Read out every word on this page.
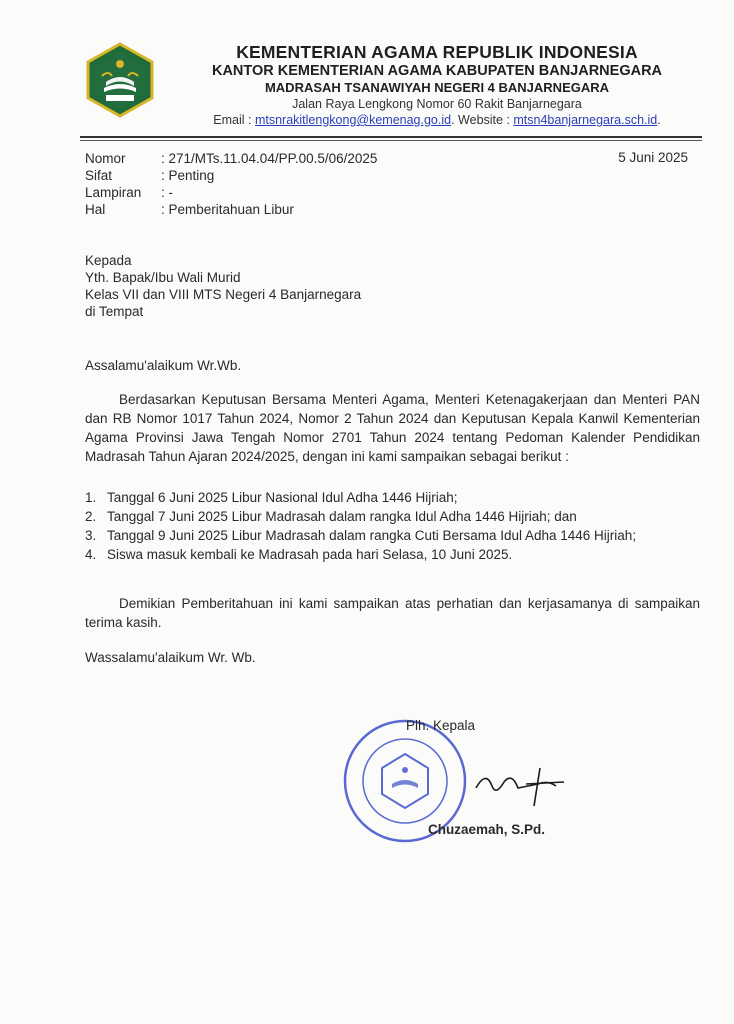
KEMENTERIAN AGAMA REPUBLIK INDONESIA
KANTOR KEMENTERIAN AGAMA KABUPATEN BANJARNEGARA
MADRASAH TSANAWIYAH NEGERI 4 BANJARNEGARA
Jalan Raya Lengkong Nomor 60 Rakit Banjarnegara
Email : mtsnrakitlengkong@kemenag.go.id. Website : mtsn4banjarnegara.sch.id.
Nomor	: 271/MTs.11.04.04/PP.00.5/06/2025
Sifat	: Penting
Lampiran	: -
Hal	: Pemberitahuan Libur
5 Juni 2025
Kepada
Yth. Bapak/Ibu Wali Murid
Kelas VII dan VIII MTS Negeri 4 Banjarnegara
di Tempat
Assalamu'alaikum Wr.Wb.
Berdasarkan Keputusan Bersama Menteri Agama, Menteri Ketenagakerjaan dan Menteri PAN dan RB Nomor 1017 Tahun 2024, Nomor 2 Tahun 2024 dan Keputusan Kepala Kanwil Kementerian Agama Provinsi Jawa Tengah Nomor 2701 Tahun 2024 tentang Pedoman Kalender Pendidikan Madrasah Tahun Ajaran 2024/2025, dengan ini kami sampaikan sebagai berikut :
1. Tanggal 6 Juni 2025 Libur Nasional Idul Adha 1446 Hijriah;
2. Tanggal 7 Juni 2025 Libur Madrasah dalam rangka Idul Adha 1446 Hijriah; dan
3. Tanggal 9 Juni 2025 Libur Madrasah dalam rangka Cuti Bersama Idul Adha 1446 Hijriah;
4. Siswa masuk kembali ke Madrasah pada hari Selasa, 10 Juni 2025.
Demikian Pemberitahuan ini kami sampaikan atas perhatian dan kerjasamanya di sampaikan terima kasih.
Wassalamu'alaikum Wr. Wb.
Plh. Kepala
Chuzaemah, S.Pd.
